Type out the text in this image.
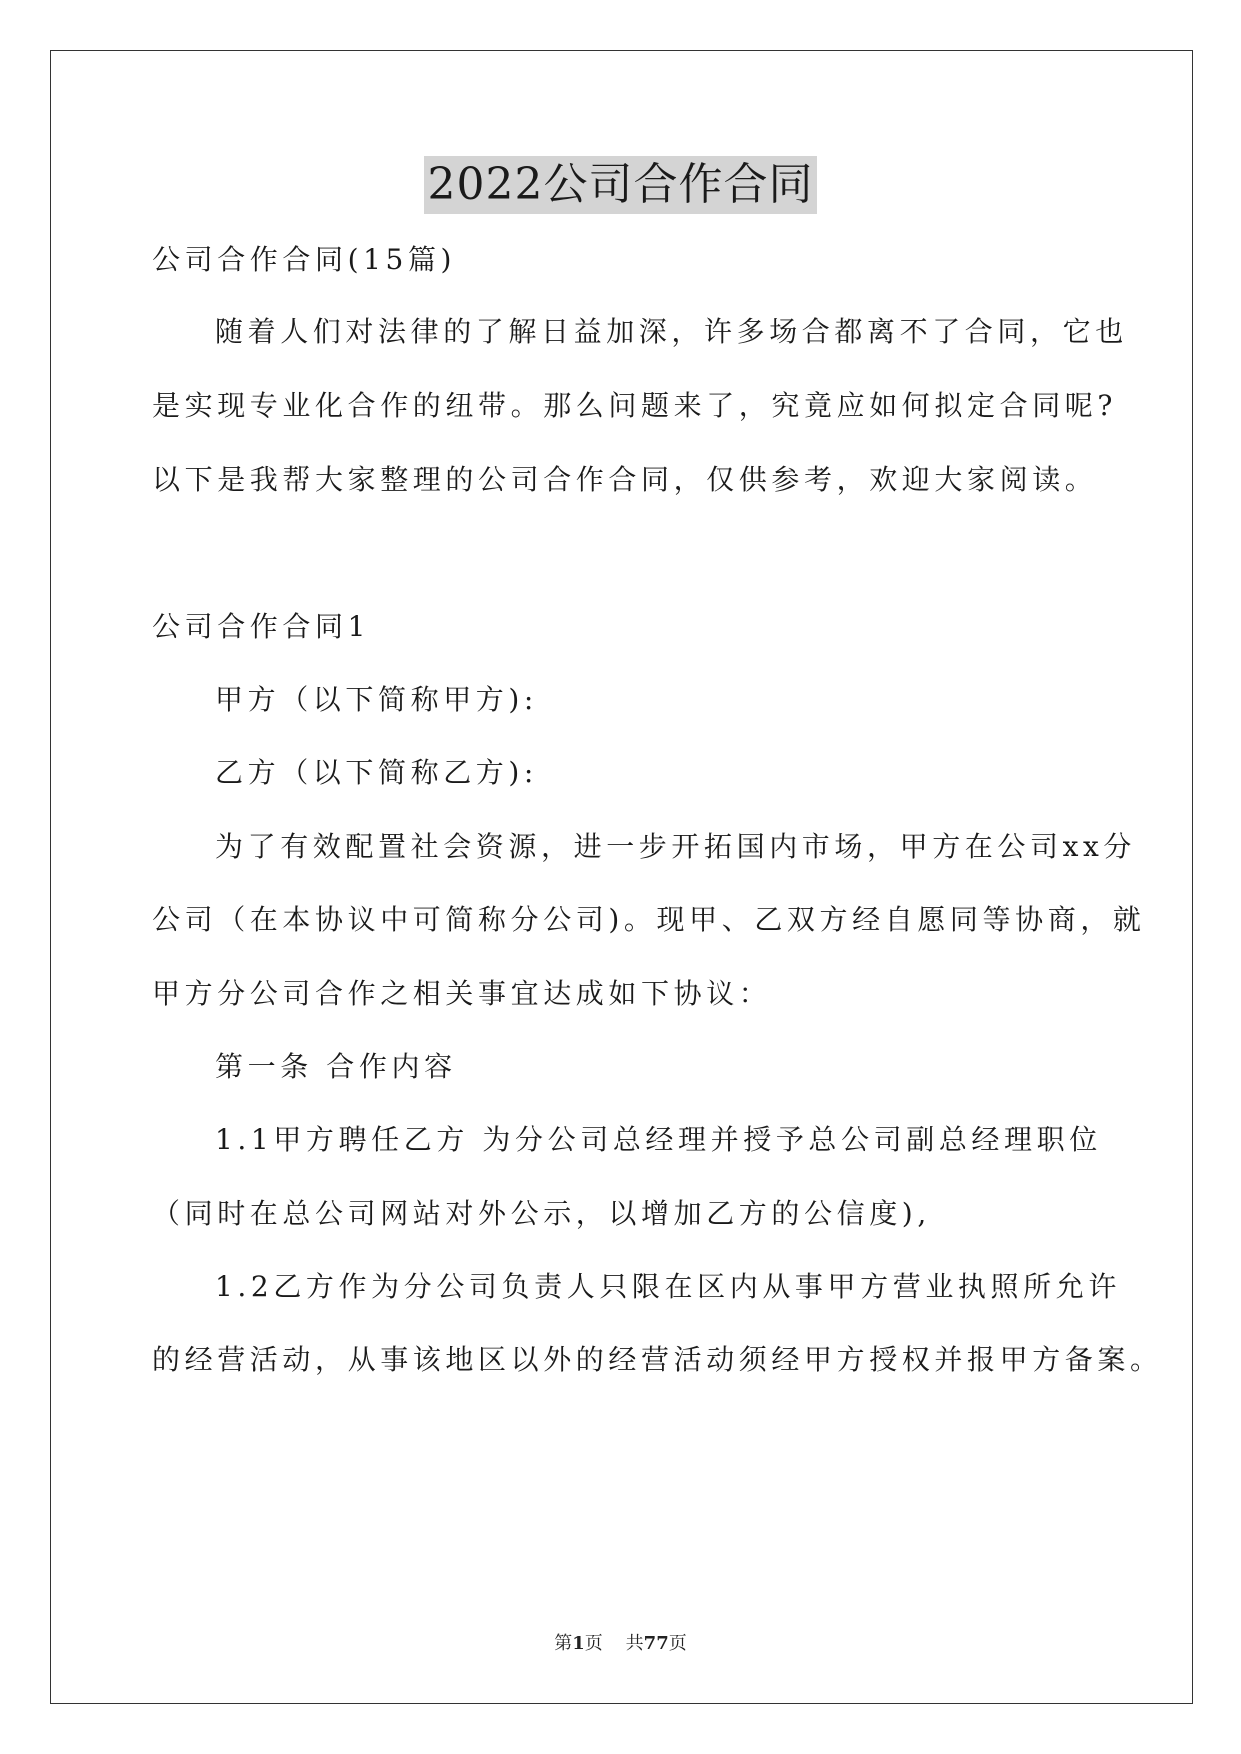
2022公司合作合同
公司合作合同(15篇)
随着人们对法律的了解日益加深，许多场合都离不了合同，它也
是实现专业化合作的纽带。那么问题来了，究竟应如何拟定合同呢?
以下是我帮大家整理的公司合作合同，仅供参考，欢迎大家阅读。
公司合作合同1
甲方（以下简称甲方):
乙方（以下简称乙方):
为了有效配置社会资源，进一步开拓国内市场，甲方在公司xx分
公司（在本协议中可简称分公司)。现甲、乙双方经自愿同等协商，就
甲方分公司合作之相关事宜达成如下协议：
第一条 合作内容
1.1甲方聘任乙方 为分公司总经理并授予总公司副总经理职位
（同时在总公司网站对外公示，以增加乙方的公信度),
1.2乙方作为分公司负责人只限在区内从事甲方营业执照所允许
的经营活动，从事该地区以外的经营活动须经甲方授权并报甲方备案。
第1页 共77页
